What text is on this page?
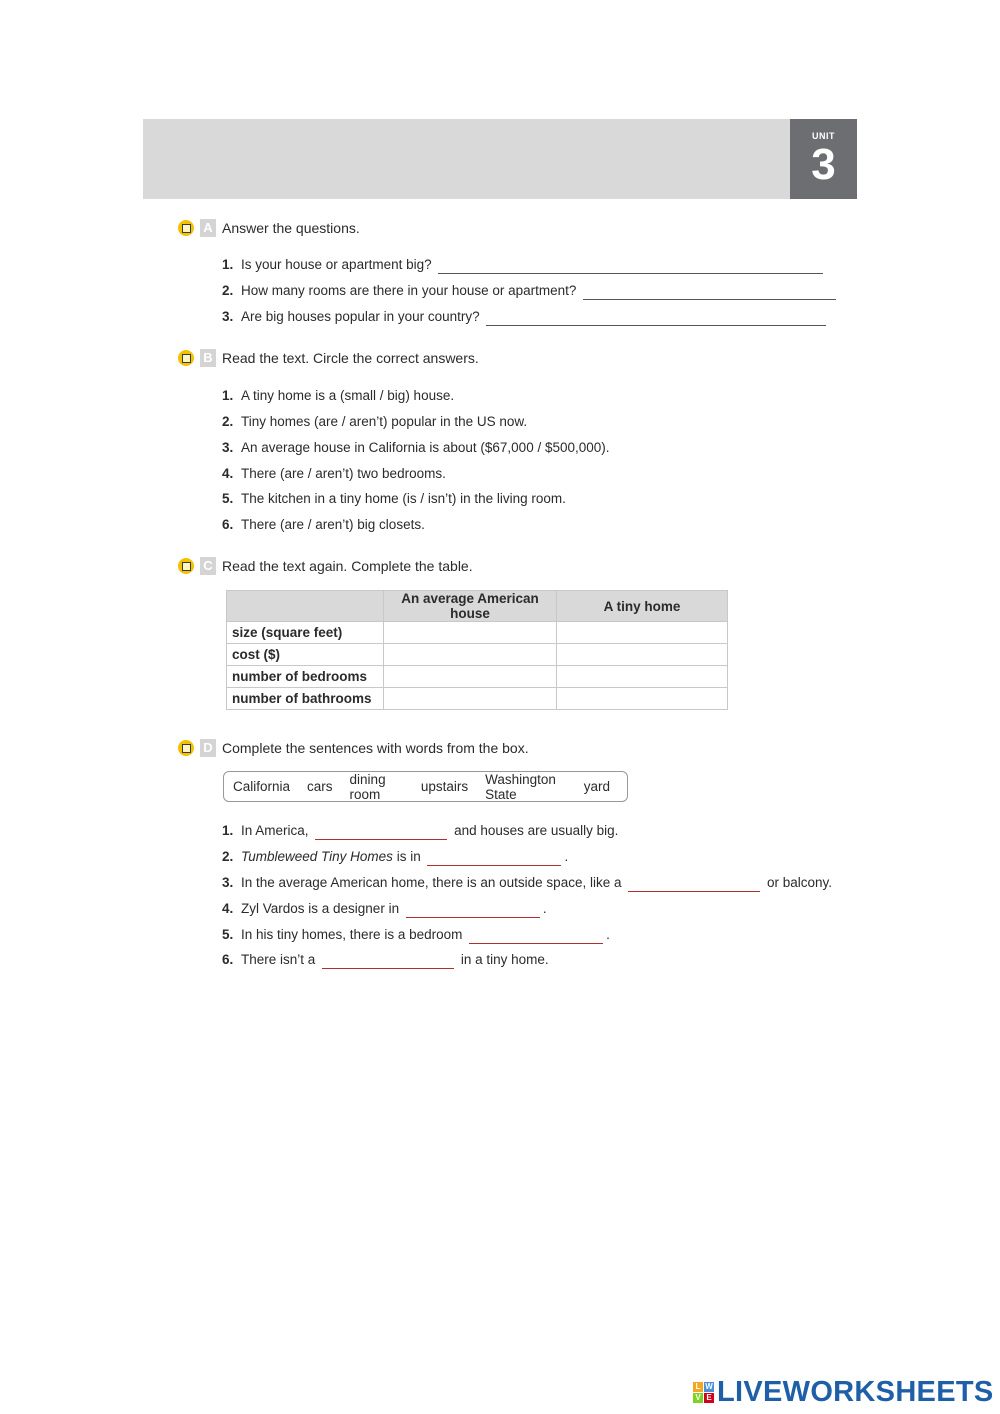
UNIT
3
A Answer the questions.
1. Is your house or apartment big?
2. How many rooms are there in your house or apartment?
3. Are big houses popular in your country?
B Read the text. Circle the correct answers.
1. A tiny home is a (small / big) house.
2. Tiny homes (are / aren’t) popular in the US now.
3. An average house in California is about ($67,000 / $500,000).
4. There (are / aren’t) two bedrooms.
5. The kitchen in a tiny home (is / isn’t) in the living room.
6. There (are / aren’t) big closets.
C Read the text again. Complete the table.
	An average American house	A tiny home
size (square feet)		
cost ($)		
number of bedrooms		
number of bathrooms		
D Complete the sentences with words from the box.
California cars dining room	upstairs Washington State	yard
1. In America,	and houses are usually big.
2. Tumbleweed Tiny Homes is in	.
3. In the average American home, there is an outside space, like a	or balcony.
4. Zyl Vardos is a designer in	.
5. In his tiny homes, there is a bedroom	.
6. There isn’t a	in a tiny home.
L W
V E LIVEWORKSHEETS
